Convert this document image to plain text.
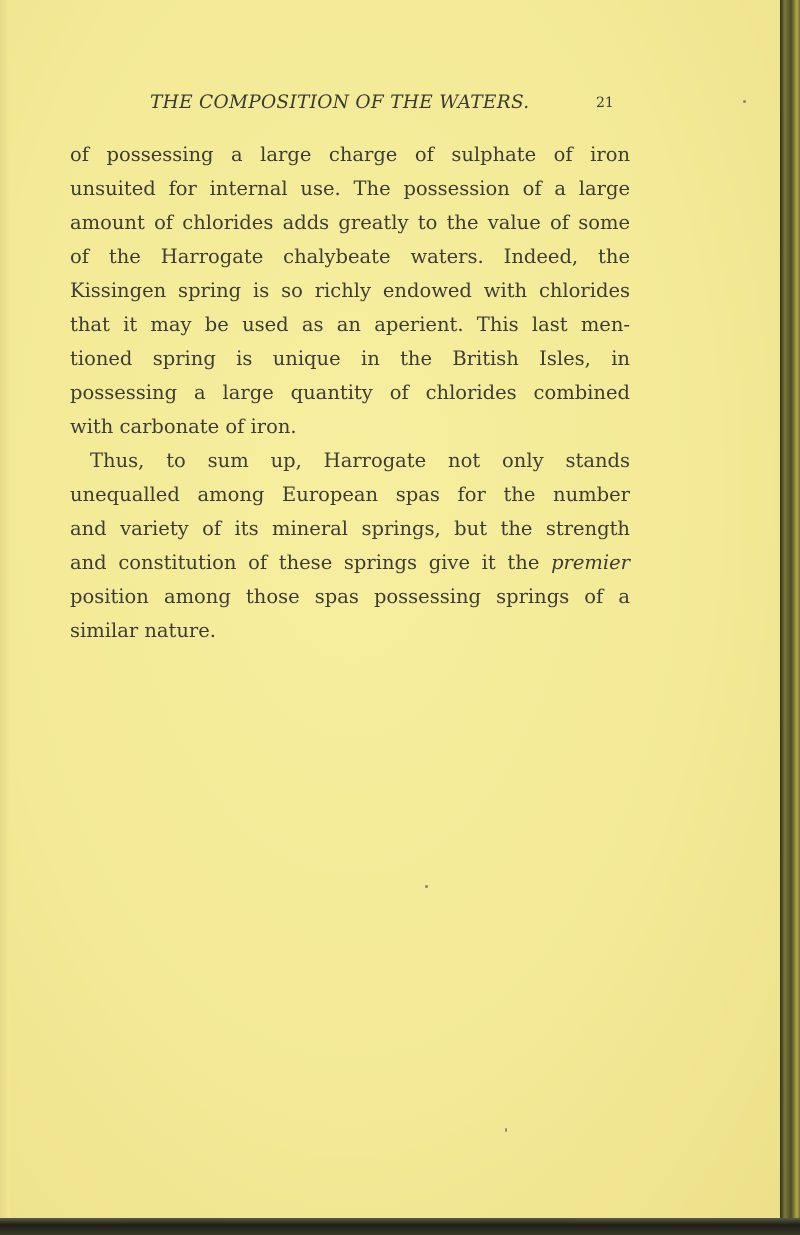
THE COMPOSITION OF THE WATERS.	21
of possessing a large charge of sulphate of iron
unsuited for internal use. The possession of a large
amount of chlorides adds greatly to the value of some
of the Harrogate chalybeate waters. Indeed, the
Kissingen spring is so richly endowed with chlorides
that it may be used as an aperient. This last men-
tioned spring is unique in the British Isles, in
possessing a large quantity of chlorides combined
with carbonate of iron.
Thus, to sum up, Harrogate not only stands
unequalled among European spas for the number
and variety of its mineral springs, but the strength
and constitution of these springs give it the premier
position among those spas possessing springs of a
similar nature.
